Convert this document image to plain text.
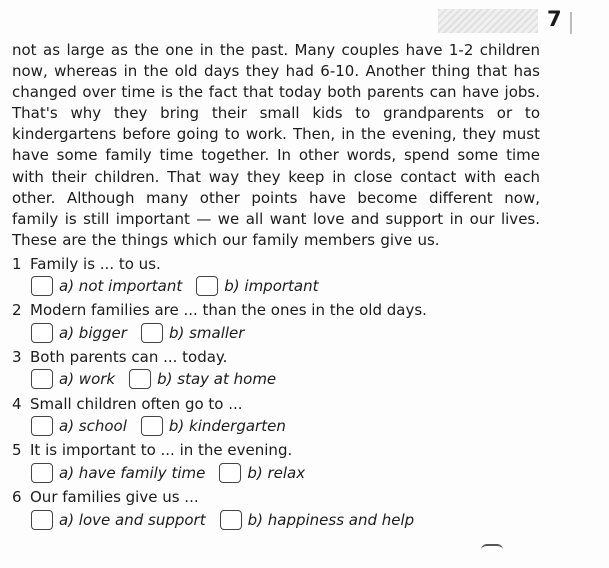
7
not as large as the one in the past. Many couples have 1-2 children now, whereas in the old days they had 6-10. Another thing that has changed over time is the fact that today both parents can have jobs. That's why they bring their small kids to grandparents or to kindergartens before going to work. Then, in the evening, they must have some family time together. In other words, spend some time with their children. That way they keep in close contact with each other. Although many other points have become different now, family is still important — we all want love and support in our lives. These are the things which our family members give us.
1 Family is ... to us.
a) not important	b) important
2 Modern families are ... than the ones in the old days.
a) bigger	b) smaller
3 Both parents can ... today.
a) work	b) stay at home
4 Small children often go to ...
a) school	b) kindergarten
5 It is important to ... in the evening.
a) have family time	b) relax
6 Our families give us ...
a) love and support	b) happiness and help
